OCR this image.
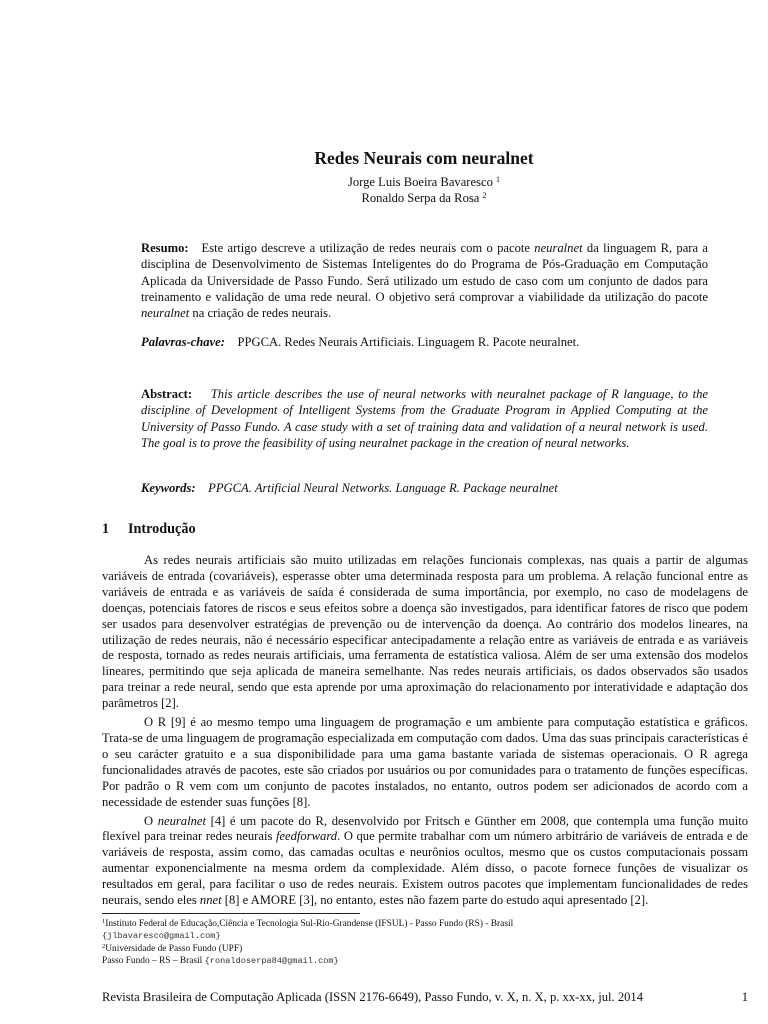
Redes Neurais com neuralnet
Jorge Luis Boeira Bavaresco $^1$
Ronaldo Serpa da Rosa $^2$
Resumo: Este artigo descreve a utilização de redes neurais com o pacote neuralnet da linguagem R, para a disciplina de Desenvolvimento de Sistemas Inteligentes do do Programa de Pós-Graduação em Computação Aplicada da Universidade de Passo Fundo. Será utilizado um estudo de caso com um conjunto de dados para treinamento e validação de uma rede neural. O objetivo será comprovar a viabilidade da utilização do pacote neuralnet na criação de redes neurais.
Palavras-chave: PPGCA. Redes Neurais Artificiais. Linguagem R. Pacote neuralnet.
Abstract: This article describes the use of neural networks with neuralnet package of R language, to the discipline of Development of Intelligent Systems from the Graduate Program in Applied Computing at the University of Passo Fundo. A case study with a set of training data and validation of a neural network is used. The goal is to prove the feasibility of using neuralnet package in the creation of neural networks.
Keywords: PPGCA. Artificial Neural Networks. Language R. Package neuralnet
1 Introdução

As redes neurais artificiais são muito utilizadas em relações funcionais complexas, nas quais a partir de algumas variáveis de entrada (covariáveis), esperasse obter uma determinada resposta para um problema. A relação funcional entre as variáveis de entrada e as variáveis de saída é considerada de suma importância, por exemplo, no caso de modelagens de doenças, potenciais fatores de riscos e seus efeitos sobre a doença são investigados, para identificar fatores de risco que podem ser usados para desenvolver estratégias de prevenção ou de intervenção da doença. Ao contrário dos modelos lineares, na utilização de redes neurais, não é necessário especificar antecipadamente a relação entre as variáveis de entrada e as variáveis de resposta, tornado as redes neurais artificiais, uma ferramenta de estatística valiosa. Além de ser uma extensão dos modelos lineares, permitindo que seja aplicada de maneira semelhante. Nas redes neurais artificiais, os dados observados são usados para treinar a rede neural, sendo que esta aprende por uma aproximação do relacionamento por interatividade e adaptação dos parâmetros [2].

O R [9] é ao mesmo tempo uma linguagem de programação e um ambiente para computação estatística e gráficos. Trata-se de uma linguagem de programação especializada em computação com dados. Uma das suas principais características é o seu carácter gratuito e a sua disponibilidade para uma gama bastante variada de sistemas operacionais. O R agrega funcionalidades através de pacotes, este são criados por usuários ou por comunidades para o tratamento de funções específicas. Por padrão o R vem com um conjunto de pacotes instalados, no entanto, outros podem ser adicionados de acordo com a necessidade de estender suas funções [8].

O neuralnet [4] é um pacote do R, desenvolvido por Fritsch e Günther em 2008, que contempla uma função muito flexível para treinar redes neurais feedforward. O que permite trabalhar com um número arbitrário de variáveis de entrada e de variáveis de resposta, assim como, das camadas ocultas e neurônios ocultos, mesmo que os custos computacionais possam aumentar exponencialmente na mesma ordem da complexidade. Além disso, o pacote fornece funções de visualizar os resultados em geral, para facilitar o uso de redes neurais. Existem outros pacotes que implementam funcionalidades de redes neurais, sendo eles nnet [8] e AMORE [3], no entanto, estes não fazem parte do estudo aqui apresentado [2].

$^1$Instituto Federal de Educação,Ciência e Tecnologia Sul-Rio-Grandense (IFSUL) - Passo Fundo (RS) - Brasil
{jlbavaresco@gmail.com}
$^2$Universidade de Passo Fundo (UPF)
Passo Fundo – RS – Brasil {ronaldoserpa84@gmail.com}
Revista Brasileira de Computação Aplicada (ISSN 2176-6649), Passo Fundo, v. X, n. X, p. xx-xx, jul. 2014	1
